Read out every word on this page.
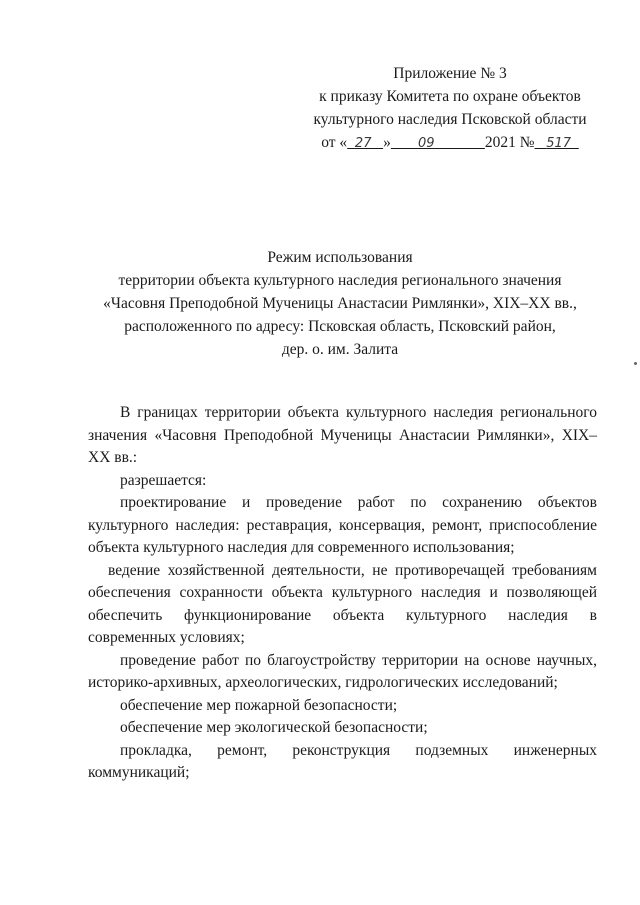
Приложение № 3
к приказу Комитета по охране объектов
культурного наследия Псковской области
от « 27 » 09	2021 № 517
Режим использования
территории объекта культурного наследия регионального значения
«Часовня Преподобной Мученицы Анастасии Римлянки», XIX–XX вв.,
расположенного по адресу: Псковская область, Псковский район,
дер. о. им. Залита

В границах территории объекта культурного наследия регионального значения «Часовня Преподобной Мученицы Анастасии Римлянки», XIX–XX вв.:

разрешается:

проектирование и проведение работ по сохранению объектов культурного наследия: реставрация, консервация, ремонт, приспособление объекта культурного наследия для современного использования;

ведение хозяйственной деятельности, не противоречащей требованиям обеспечения сохранности объекта культурного наследия и позволяющей обеспечить функционирование объекта культурного наследия в современных условиях;

проведение работ по благоустройству территории на основе научных, историко-архивных, археологических, гидрологических исследований;

обеспечение мер пожарной безопасности;

обеспечение мер экологической безопасности;

прокладка, ремонт, реконструкция подземных инженерных коммуникаций;
